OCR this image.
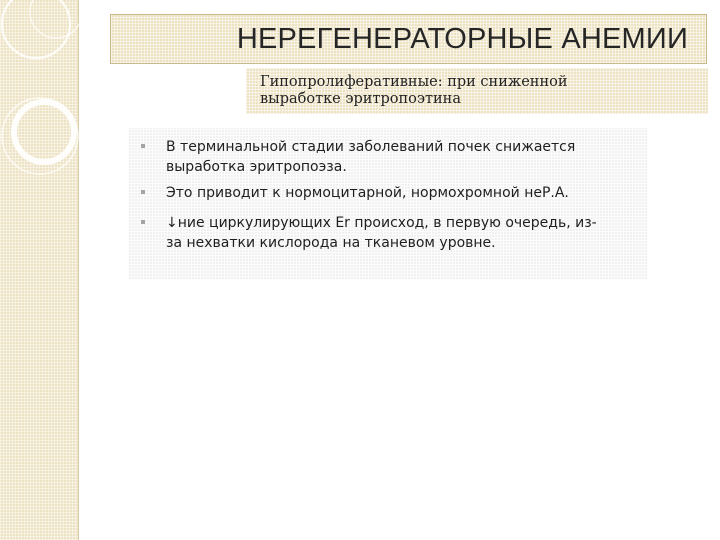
НЕРЕГЕНЕРАТОРНЫЕ АНЕМИИ
Гипопролиферативные: при сниженной
выработке эритропоэтина
В терминальной стадии заболеваний почек снижается
выработка эритропоэза.
Это приводит к нормоцитарной, нормохромной неР.А.
↓ние циркулирующих Er происход, в первую очередь, из-
за нехватки кислорода на тканевом уровне.
